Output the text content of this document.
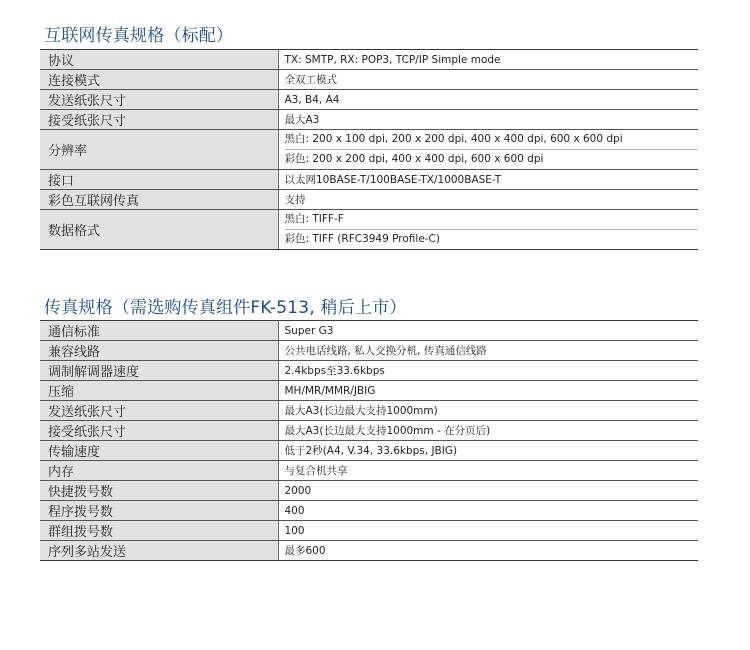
互联网传真规格（标配）
协议	TX: SMTP, RX: POP3, TCP/IP Simple mode
连接模式	全双工模式
发送纸张尺寸	A3, B4, A4
接受纸张尺寸	最大A3
分辨率	黑白: 200 x 100 dpi, 200 x 200 dpi, 400 x 400 dpi, 600 x 600 dpi
彩色: 200 x 200 dpi, 400 x 400 dpi, 600 x 600 dpi

接口	以太网10BASE-T/100BASE-TX/1000BASE-T
彩色互联网传真	支持
数据格式	黑白: TIFF-F
彩色: TIFF (RFC3949 Profile-C)
传真规格（需选购传真组件FK-513, 稍后上市）
通信标准	Super G3
兼容线路	公共电话线路, 私人交换分机, 传真通信线路
调制解调器速度	2.4kbps至33.6kbps
压缩	MH/MR/MMR/JBIG
发送纸张尺寸	最大A3(长边最大支持1000mm)
接受纸张尺寸	最大A3(长边最大支持1000mm - 在分页后)
传输速度	低于2秒(A4, V.34, 33.6kbps, JBIG)
内存	与复合机共享
快捷拨号数	2000
程序拨号数	400
群组拨号数	100
序列多站发送	最多600
